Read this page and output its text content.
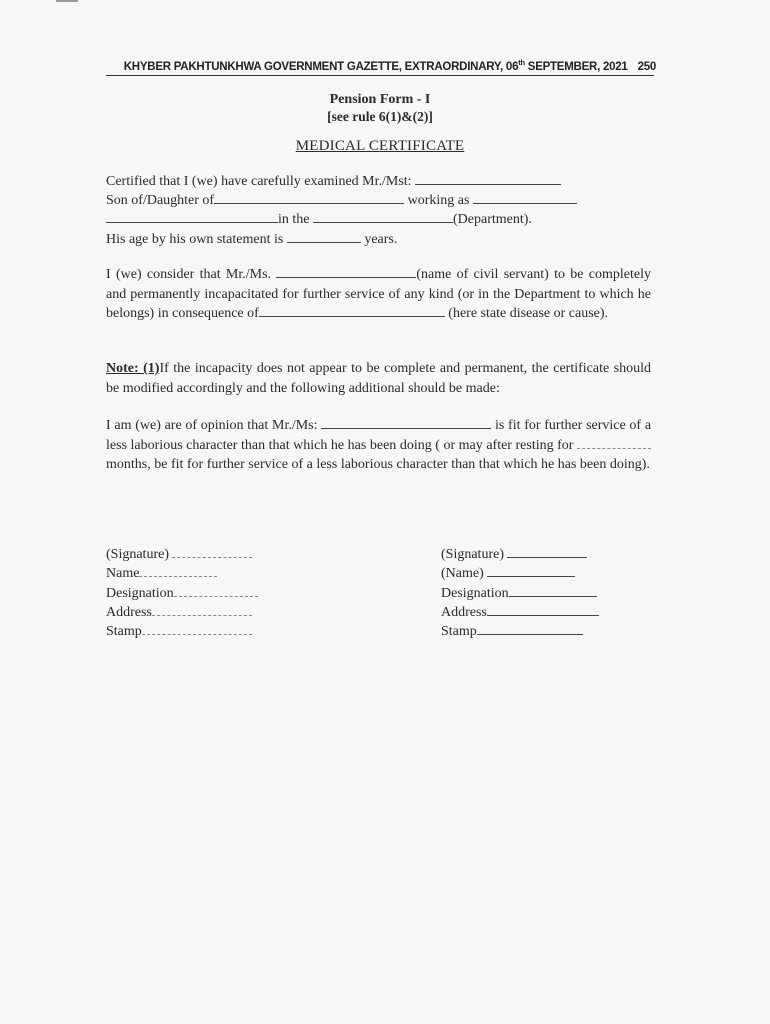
KHYBER PAKHTUNKHWA GOVERNMENT GAZETTE, EXTRAORDINARY, 06th SEPTEMBER, 2021 250
Pension Form - I
[see rule 6(1)&(2)]
MEDICAL CERTIFICATE
Certified that I (we) have carefully examined Mr./Mst:
Son of/Daughter of	working as
in the	(Department).
His age by his own statement is	years.

I (we) consider that Mr./Ms.	(name of civil servant) to be completely and permanently incapacitated for further service of any kind (or in the Department to which he belongs) in consequence of	(here state disease or cause).

Note: (1)If the incapacity does not appear to be complete and permanent, the certificate should be modified accordingly and the following additional should be made:

I am (we) are of opinion that Mr./Ms:	is fit for further service of a less laborious character than that which he has been doing ( or may after resting for months, be fit for further service of a less laborious character than that which he has been doing).

(Signature)
Name
Designation
Address
Stamp
(Signature)
(Name)
Designation
Address
Stamp
